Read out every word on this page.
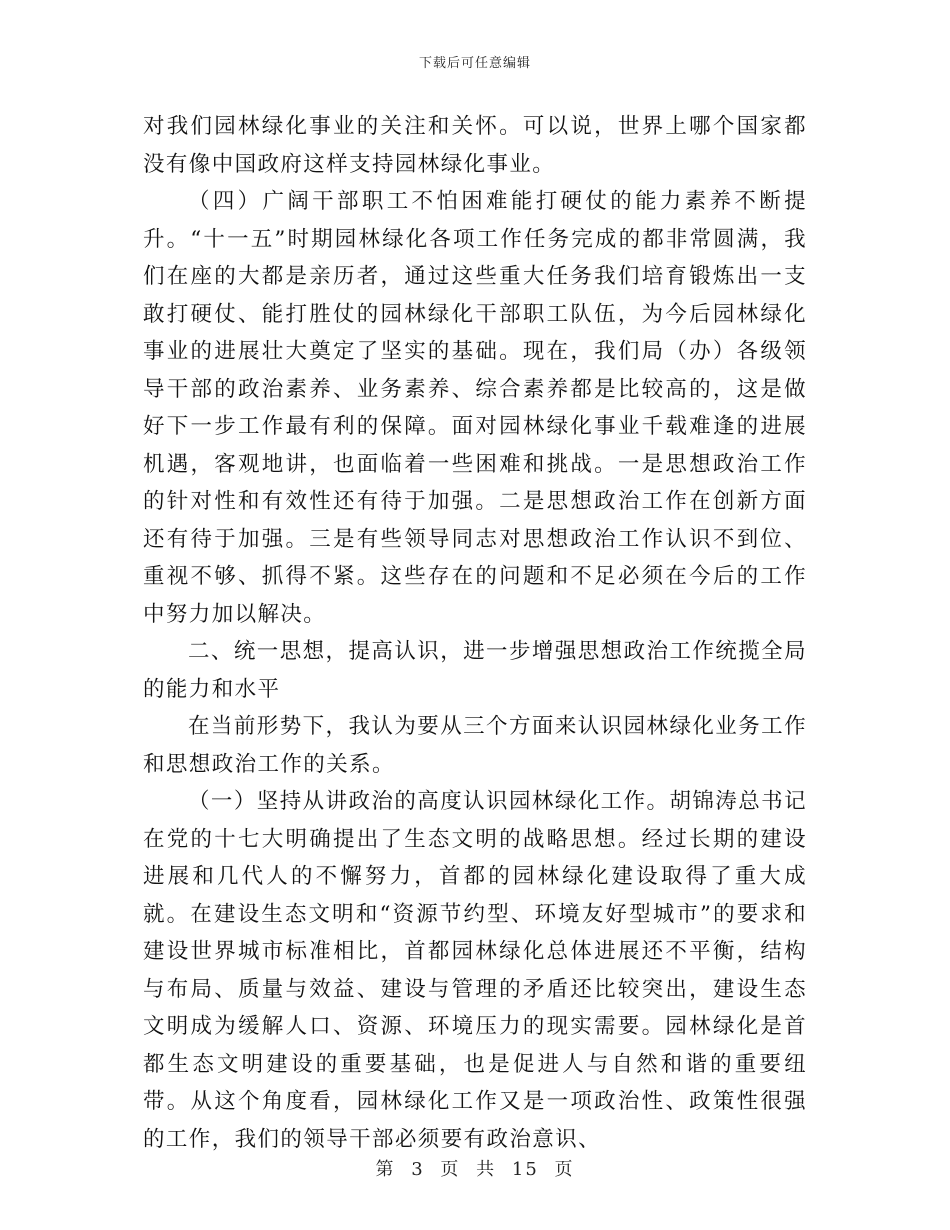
下载后可任意编辑

对我们园林绿化事业的关注和关怀。可以说，世界上哪个国家都没有像中国政府这样支持园林绿化事业。

（四）广阔干部职工不怕困难能打硬仗的能力素养不断提升。“十一五”时期园林绿化各项工作任务完成的都非常圆满，我们在座的大都是亲历者，通过这些重大任务我们培育锻炼出一支敢打硬仗、能打胜仗的园林绿化干部职工队伍，为今后园林绿化事业的进展壮大奠定了坚实的基础。现在，我们局（办）各级领导干部的政治素养、业务素养、综合素养都是比较高的，这是做好下一步工作最有利的保障。面对园林绿化事业千载难逢的进展机遇，客观地讲，也面临着一些困难和挑战。一是思想政治工作的针对性和有效性还有待于加强。二是思想政治工作在创新方面还有待于加强。三是有些领导同志对思想政治工作认识不到位、重视不够、抓得不紧。这些存在的问题和不足必须在今后的工作中努力加以解决。

二、统一思想，提高认识，进一步增强思想政治工作统揽全局的能力和水平

在当前形势下，我认为要从三个方面来认识园林绿化业务工作和思想政治工作的关系。

（一）坚持从讲政治的高度认识园林绿化工作。胡锦涛总书记在党的十七大明确提出了生态文明的战略思想。经过长期的建设进展和几代人的不懈努力，首都的园林绿化建设取得了重大成就。在建设生态文明和“资源节约型、环境友好型城市”的要求和建设世界城市标准相比，首都园林绿化总体进展还不平衡，结构与布局、质量与效益、建设与管理的矛盾还比较突出，建设生态文明成为缓解人口、资源、环境压力的现实需要。园林绿化是首都生态文明建设的重要基础，也是促进人与自然和谐的重要纽带。从这个角度看，园林绿化工作又是一项政治性、政策性很强的工作，我们的领导干部必须要有政治意识、

第 3 页 共 15 页
